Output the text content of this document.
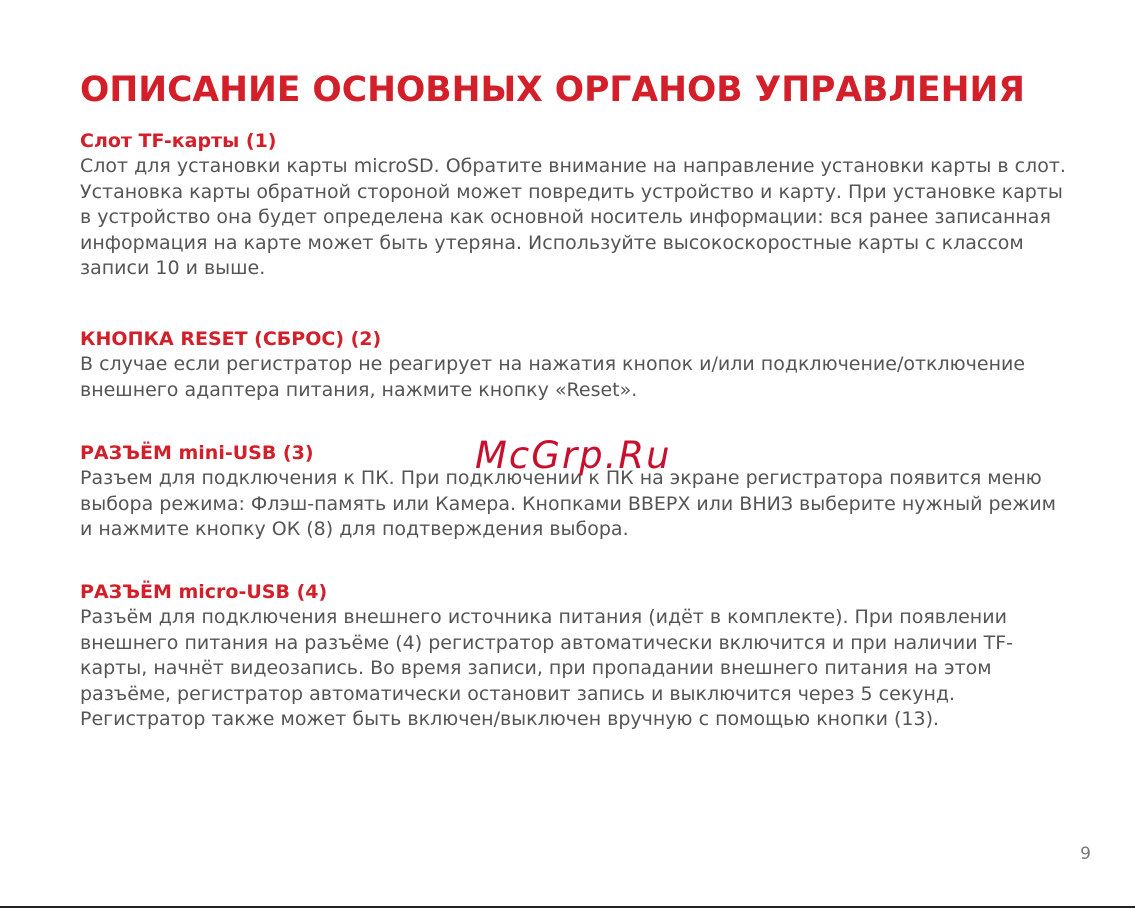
ОПИСАНИЕ ОСНОВНЫХ ОРГАНОВ УПРАВЛЕНИЯ
Слот TF-карты (1)

Слот для установки карты microSD. Обратите внимание на направление установки карты в слот. Установка карты обратной стороной может повредить устройство и карту. При установке карты в устройство она будет определена как основной носитель информации: вся ранее записанная информация на карте может быть утеряна. Используйте высокоскоростные карты с классом записи 10 и выше.

КНОПКА RESET (СБРОС) (2)

В случае если регистратор не реагирует на нажатия кнопок и/или подключение/отключение внешнего адаптера питания, нажмите кнопку «Reset».

РАЗЪЁМ mini-USB (3)

Разъем для подключения к ПК. При подключении к ПК на экране регистратора появится меню выбора режима: Флэш-память или Камера. Кнопками ВВЕРХ или ВНИЗ выберите нужный режим и нажмите кнопку ОК (8) для подтверждения выбора.

РАЗЪЁМ micro-USB (4)

Разъём для подключения внешнего источника питания (идёт в комплекте). При появлении внешнего питания на разъёме (4) регистратор автоматически включится и при наличии TF-карты, начнёт видеозапись. Во время записи, при пропадании внешнего питания на этом разъёме, регистратор автоматически остановит запись и выключится через 5 секунд. Регистратор также может быть включен/выключен вручную с помощью кнопки (13).

McGrp.Ru
9
